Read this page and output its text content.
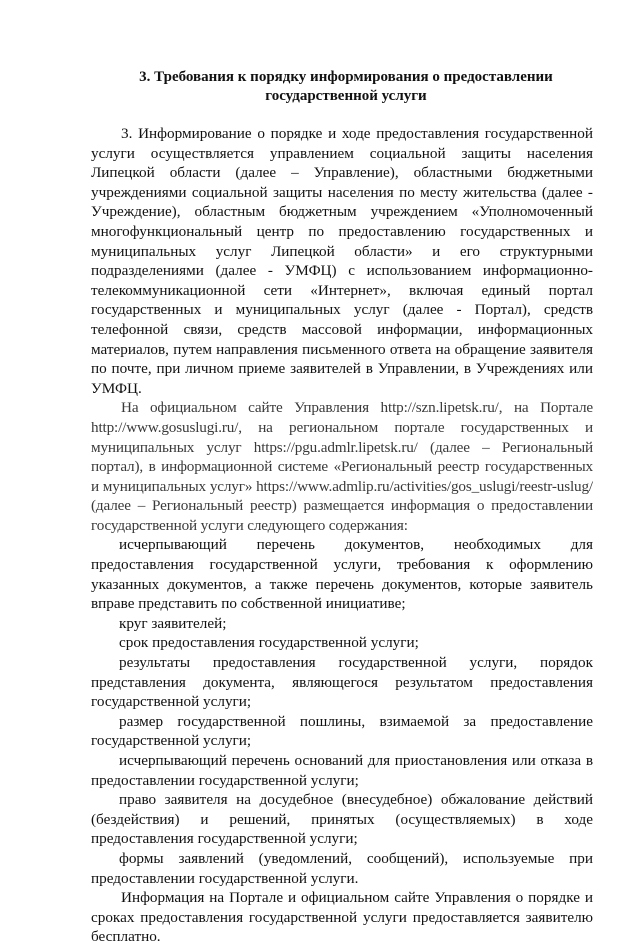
3. Требования к порядку информирования о предоставлении
государственной услуги

3. Информирование о порядке и ходе предоставления государственной услуги осуществляется управлением социальной защиты населения Липецкой области (далее – Управление), областными бюджетными учреждениями социальной защиты населения по месту жительства (далее - Учреждение), областным бюджетным учреждением «Уполномоченный многофункциональный центр по предоставлению государственных и муниципальных услуг Липецкой области» и его структурными подразделениями (далее - УМФЦ) с использованием информационно-телекоммуникационной сети «Интернет», включая единый портал государственных и муниципальных услуг (далее - Портал), средств телефонной связи, средств массовой информации, информационных материалов, путем направления письменного ответа на обращение заявителя по почте, при личном приеме заявителей в Управлении, в Учреждениях или УМФЦ.

На официальном сайте Управления http://szn.lipetsk.ru/, на Портале http://www.gosuslugi.ru/, на региональном портале государственных и муниципальных услуг https://pgu.admlr.lipetsk.ru/ (далее – Региональный портал), в информационной системе «Региональный реестр государственных и муниципальных услуг» https://www.admlip.ru/activities/gos_uslugi/reestr-uslug/ (далее – Региональный реестр) размещается информация о предоставлении государственной услуги следующего содержания:

исчерпывающий перечень документов, необходимых для предоставления государственной услуги, требования к оформлению указанных документов, а также перечень документов, которые заявитель вправе представить по собственной инициативе;

круг заявителей;

срок предоставления государственной услуги;

результаты предоставления государственной услуги, порядок представления документа, являющегося результатом предоставления государственной услуги;

размер государственной пошлины, взимаемой за предоставление государственной услуги;

исчерпывающий перечень оснований для приостановления или отказа в предоставлении государственной услуги;

право заявителя на досудебное (внесудебное) обжалование действий (бездействия) и решений, принятых (осуществляемых) в ходе предоставления государственной услуги;

формы заявлений (уведомлений, сообщений), используемые при предоставлении государственной услуги.

Информация на Портале и официальном сайте Управления о порядке и сроках предоставления государственной услуги предоставляется заявителю бесплатно.
